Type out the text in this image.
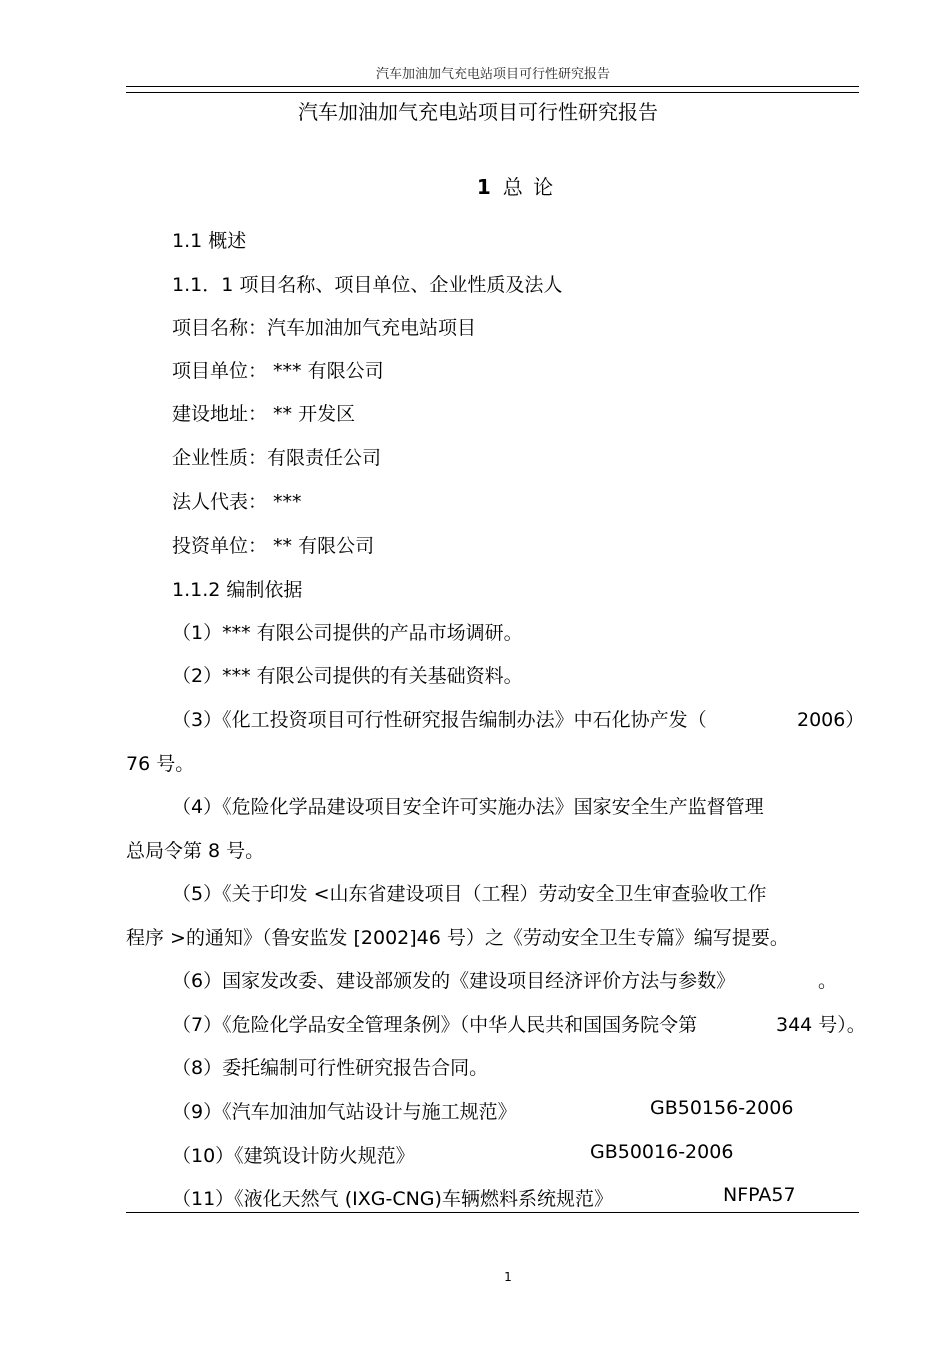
汽车加油加气充电站项目可行性研究报告
汽车加油加气充电站项目可行性研究报告
1 总 论
1.1 概述
1.1．1 项目名称、项目单位、企业性质及法人
项目名称：汽车加油加气充电站项目
项目单位： *** 有限公司
建设地址： ** 开发区
企业性质：有限责任公司
法人代表： ***
投资单位： ** 有限公司
1.1.2 编制依据
（1）*** 有限公司提供的产品市场调研。
（2）*** 有限公司提供的有关基础资料。
（3）《化工投资项目可行性研究报告编制办法》中石化协产发（	2006）
76 号。
（4）《危险化学品建设项目安全许可实施办法》国家安全生产监督管理
总局令第 8 号。
（5）《关于印发 <山东省建设项目（工程）劳动安全卫生审查验收工作
程序 >的通知》（鲁安监发 [2002]46 号）之《劳动安全卫生专篇》编写提要。
（6）国家发改委、建设部颁发的《建设项目经济评价方法与参数》	。
（7）《危险化学品安全管理条例》（中华人民共和国国务院令第	344 号）。
（8）委托编制可行性研究报告合同。
（9）《汽车加油加气站设计与施工规范》	GB50156-2006
（10）《建筑设计防火规范》	GB50016-2006
（11）《液化天然气 (IXG-CNG)车辆燃料系统规范》	NFPA57
1
